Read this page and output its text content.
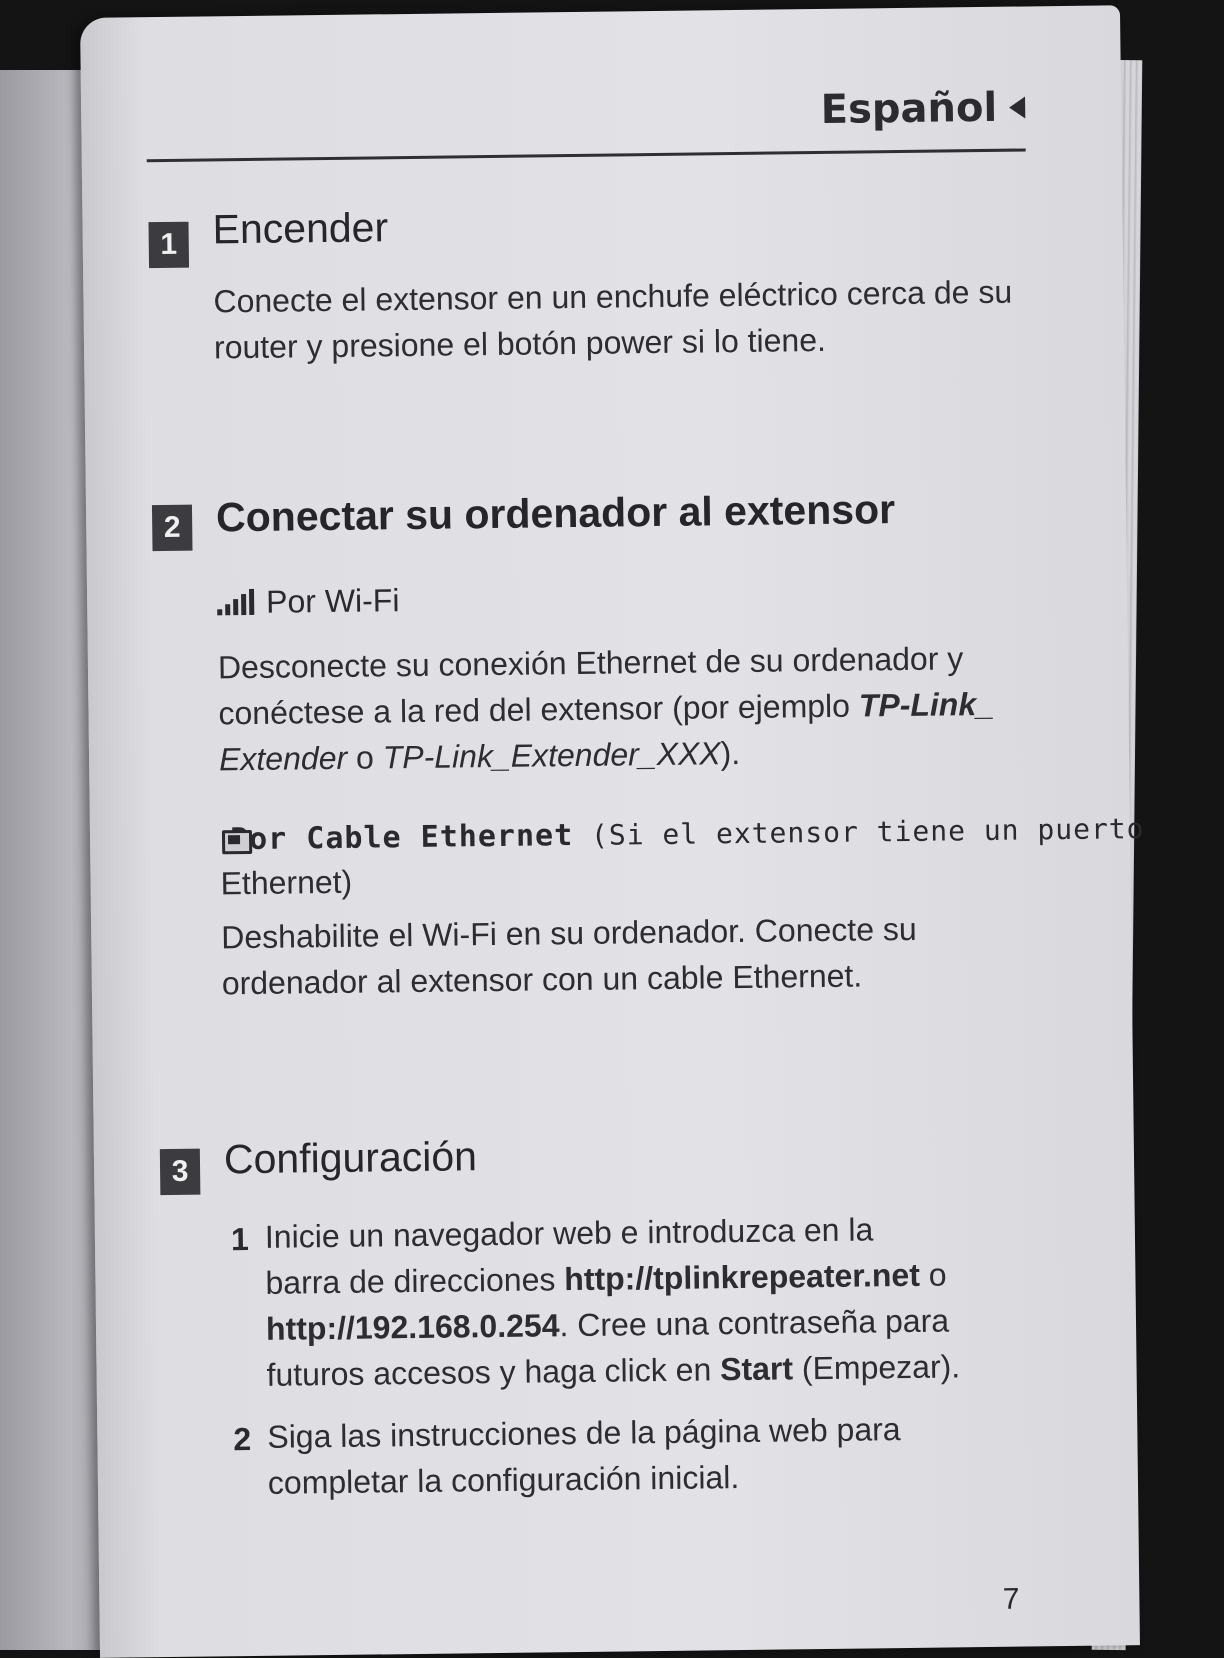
Español
1 Encender
Conecte el extensor en un enchufe eléctrico cerca de su
router y presione el botón power si lo tiene.
2 Conectar su ordenador al extensor
Por Wi-Fi
Desconecte su conexión Ethernet de su ordenador y
conéctese a la red del extensor (por ejemplo TP-Link_
Extender o TP-Link_Extender_XXX).
Por Cable Ethernet (Si el extensor tiene un puerto
Ethernet)
Deshabilite el Wi-Fi en su ordenador. Conecte su
ordenador al extensor con un cable Ethernet.
3 Configuración
1 Inicie un navegador web e introduzca en la
barra de direcciones http://tplinkrepeater.net o
http://192.168.0.254. Cree una contraseña para
futuros accesos y haga click en Start (Empezar).
2 Siga las instrucciones de la página web para
completar la configuración inicial.
7
